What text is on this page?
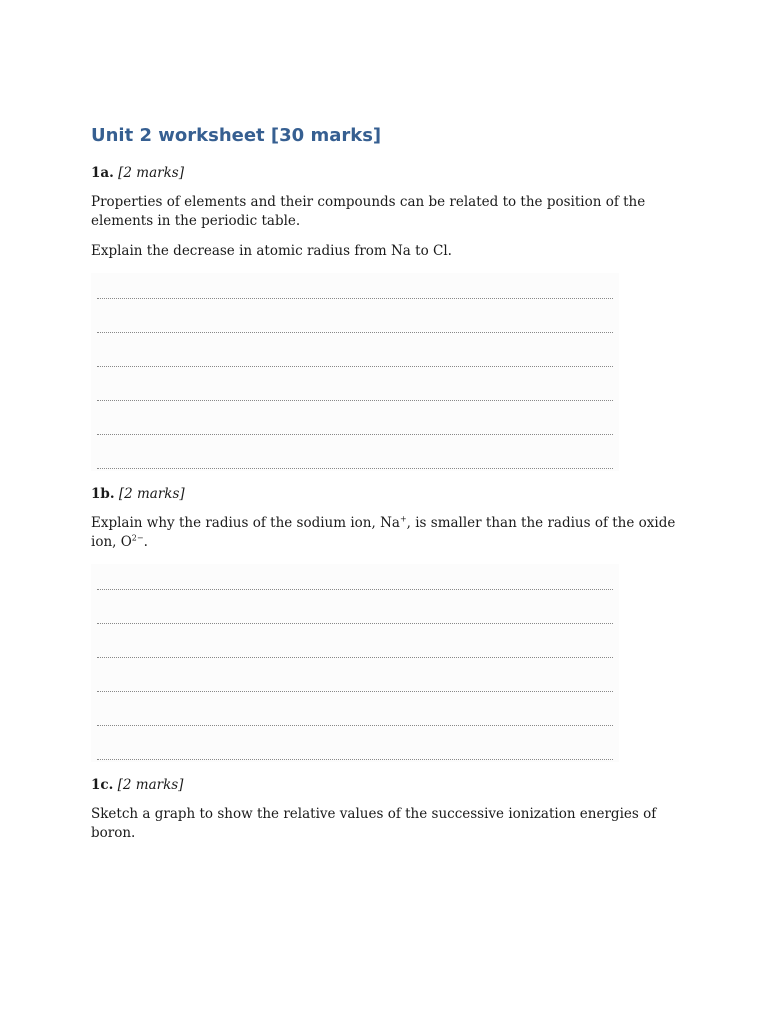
Unit 2 worksheet [30 marks]

1a. [2 marks]

Properties of elements and their compounds can be related to the position of the elements in the periodic table.

Explain the decrease in atomic radius from Na to Cl.

1b. [2 marks]

Explain why the radius of the sodium ion, Na+, is smaller than the radius of the oxide ion, $O^{2-}$.

1c. [2 marks]

Sketch a graph to show the relative values of the successive ionization energies of boron.
